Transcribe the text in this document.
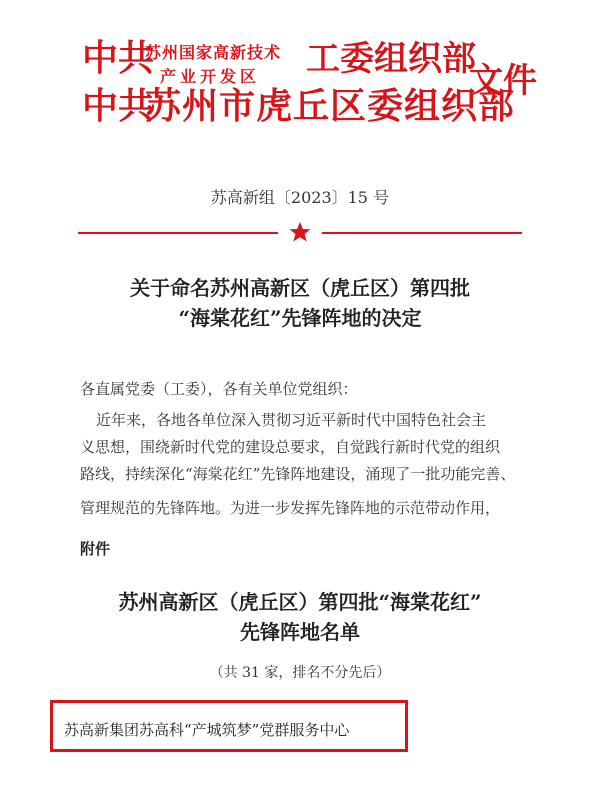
中共
苏州国家高新技术
产业开发区 工委组织部
中共
苏州市虎丘区委组织部
文件
苏高新组〔2023〕15 号
关于命名苏州高新区（虎丘区）第四批
“海棠花红”先锋阵地的决定
各直属党委（工委），各有关单位党组织：
近年来，各地各单位深入贯彻习近平新时代中国特色社会主
义思想，围绕新时代党的建设总要求，自觉践行新时代党的组织
路线，持续深化“海棠花红”先锋阵地建设，涌现了一批功能完善、
管理规范的先锋阵地。为进一步发挥先锋阵地的示范带动作用，
附件
苏州高新区（虎丘区）第四批“海棠花红”
先锋阵地名单
（共 31 家，排名不分先后）
苏高新集团苏高科“产城筑梦”党群服务中心
